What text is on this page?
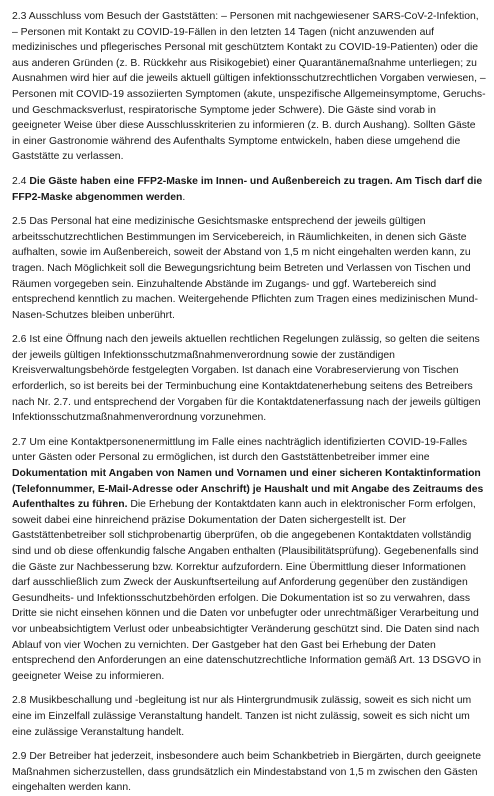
2.3 Ausschluss vom Besuch der Gaststätten: – Personen mit nachgewiesener SARS-CoV-2-Infektion, – Personen mit Kontakt zu COVID-19-Fällen in den letzten 14 Tagen (nicht anzuwenden auf medizinisches und pflegerisches Personal mit geschütztem Kontakt zu COVID-19-Patienten) oder die aus anderen Gründen (z. B. Rückkehr aus Risikogebiet) einer Quarantänemaßnahme unterliegen; zu Ausnahmen wird hier auf die jeweils aktuell gültigen infektionsschutzrechtlichen Vorgaben verwiesen, – Personen mit COVID-19 assoziierten Symptomen (akute, unspezifische Allgemeinsymptome, Geruchs- und Geschmacksverlust, respiratorische Symptome jeder Schwere). Die Gäste sind vorab in geeigneter Weise über diese Ausschlusskriterien zu informieren (z. B. durch Aushang). Sollten Gäste in einer Gastronomie während des Aufenthalts Symptome entwickeln, haben diese umgehend die Gaststätte zu verlassen.

2.4 Die Gäste haben eine FFP2-Maske im Innen- und Außenbereich zu tragen. Am Tisch darf die FFP2-Maske abgenommen werden.

2.5 Das Personal hat eine medizinische Gesichtsmaske entsprechend der jeweils gültigen arbeitsschutzrechtlichen Bestimmungen im Servicebereich, in Räumlichkeiten, in denen sich Gäste aufhalten, sowie im Außenbereich, soweit der Abstand von 1,5 m nicht eingehalten werden kann, zu tragen. Nach Möglichkeit soll die Bewegungsrichtung beim Betreten und Verlassen von Tischen und Räumen vorgegeben sein. Einzuhaltende Abstände im Zugangs- und ggf. Wartebereich sind entsprechend kenntlich zu machen. Weitergehende Pflichten zum Tragen eines medizinischen Mund-Nasen-Schutzes bleiben unberührt.

2.6 Ist eine Öffnung nach den jeweils aktuellen rechtlichen Regelungen zulässig, so gelten die seitens der jeweils gültigen Infektionsschutzmaßnahmenverordnung sowie der zuständigen Kreisverwaltungsbehörde festgelegten Vorgaben. Ist danach eine Vorabreservierung von Tischen erforderlich, so ist bereits bei der Terminbuchung eine Kontaktdatenerhebung seitens des Betreibers nach Nr. 2.7. und entsprechend der Vorgaben für die Kontaktdatenerfassung nach der jeweils gültigen Infektionsschutzmaßnahmenverordnung vorzunehmen.

2.7 Um eine Kontaktpersonenermittlung im Falle eines nachträglich identifizierten COVID-19-Falles unter Gästen oder Personal zu ermöglichen, ist durch den Gaststättenbetreiber immer eine Dokumentation mit Angaben von Namen und Vornamen und einer sicheren Kontaktinformation (Telefonnummer, E-Mail-Adresse oder Anschrift) je Haushalt und mit Angabe des Zeitraums des Aufenthaltes zu führen. Die Erhebung der Kontaktdaten kann auch in elektronischer Form erfolgen, soweit dabei eine hinreichend präzise Dokumentation der Daten sichergestellt ist. Der Gaststättenbetreiber soll stichprobenartig überprüfen, ob die angegebenen Kontaktdaten vollständig sind und ob diese offenkundig falsche Angaben enthalten (Plausibilitätsprüfung). Gegebenenfalls sind die Gäste zur Nachbesserung bzw. Korrektur aufzufordern. Eine Übermittlung dieser Informationen darf ausschließlich zum Zweck der Auskunftserteilung auf Anforderung gegenüber den zuständigen Gesundheits- und Infektionsschutzbehörden erfolgen. Die Dokumentation ist so zu verwahren, dass Dritte sie nicht einsehen können und die Daten vor unbefugter oder unrechtmäßiger Verarbeitung und vor unbeabsichtigtem Verlust oder unbeabsichtigter Veränderung geschützt sind. Die Daten sind nach Ablauf von vier Wochen zu vernichten. Der Gastgeber hat den Gast bei Erhebung der Daten entsprechend den Anforderungen an eine datenschutzrechtliche Information gemäß Art. 13 DSGVO in geeigneter Weise zu informieren.

2.8 Musikbeschallung und -begleitung ist nur als Hintergrundmusik zulässig, soweit es sich nicht um eine im Einzelfall zulässige Veranstaltung handelt. Tanzen ist nicht zulässig, soweit es sich nicht um eine zulässige Veranstaltung handelt.

2.9 Der Betreiber hat jederzeit, insbesondere auch beim Schankbetrieb in Biergärten, durch geeignete Maßnahmen sicherzustellen, dass grundsätzlich ein Mindestabstand von 1,5 m zwischen den Gästen eingehalten werden kann.
